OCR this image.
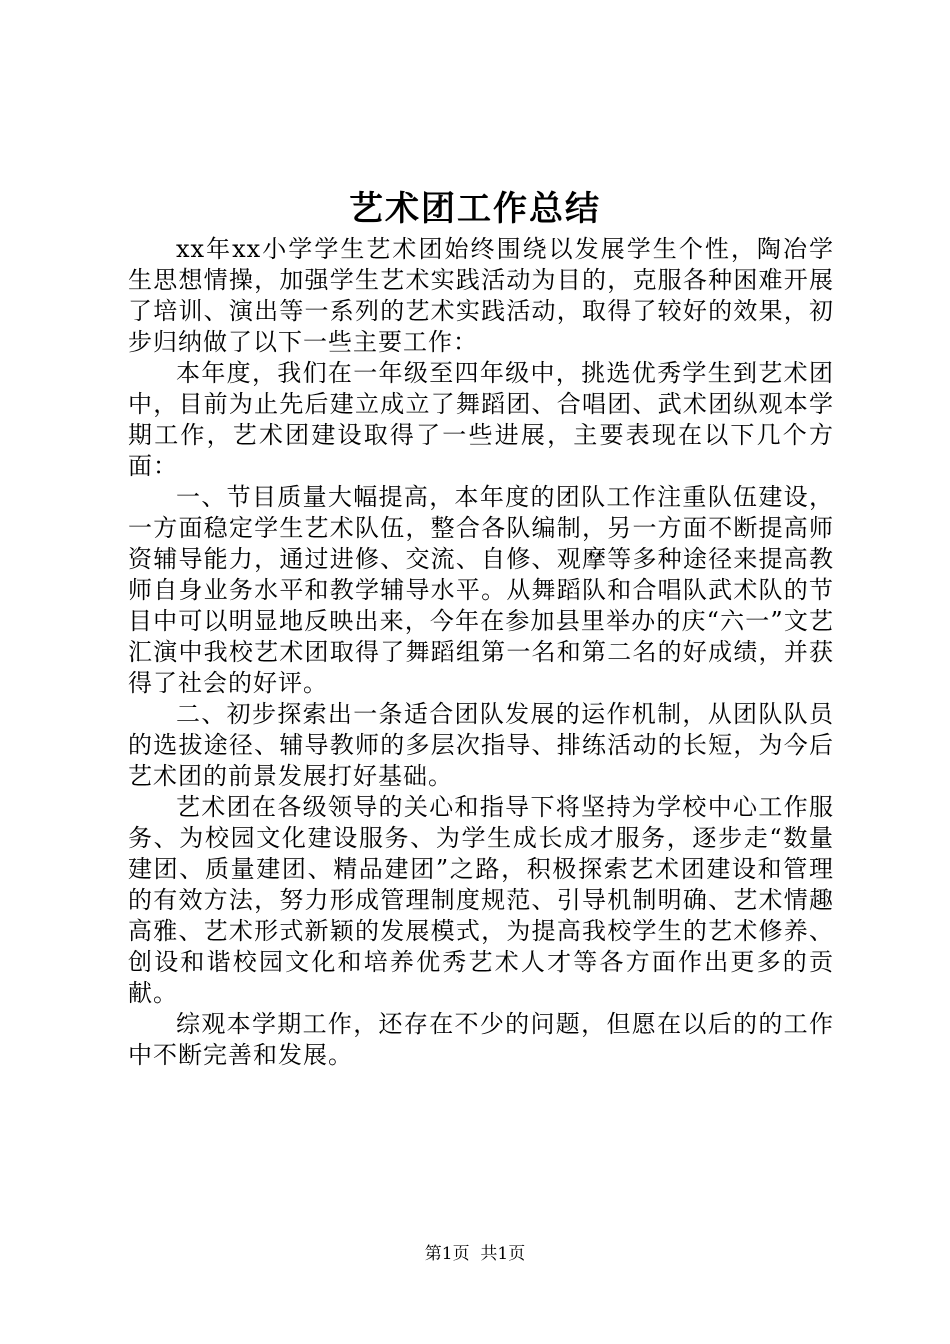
艺术团工作总结

xx年xx小学学生艺术团始终围绕以发展学生个性，陶冶学生思想情操，加强学生艺术实践活动为目的，克服各种困难开展了培训、演出等一系列的艺术实践活动，取得了较好的效果，初步归纳做了以下一些主要工作：

本年度，我们在一年级至四年级中，挑选优秀学生到艺术团中，目前为止先后建立成立了舞蹈团、合唱团、武术团纵观本学期工作，艺术团建设取得了一些进展，主要表现在以下几个方面：

一、节目质量大幅提高，本年度的团队工作注重队伍建设，一方面稳定学生艺术队伍，整合各队编制，另一方面不断提高师资辅导能力，通过进修、交流、自修、观摩等多种途径来提高教师自身业务水平和教学辅导水平。从舞蹈队和合唱队武术队的节目中可以明显地反映出来，今年在参加县里举办的庆“六一”文艺汇演中我校艺术团取得了舞蹈组第一名和第二名的好成绩，并获得了社会的好评。

二、初步探索出一条适合团队发展的运作机制，从团队队员的选拔途径、辅导教师的多层次指导、排练活动的长短，为今后艺术团的前景发展打好基础。

艺术团在各级领导的关心和指导下将坚持为学校中心工作服务、为校园文化建设服务、为学生成长成才服务，逐步走“数量建团、质量建团、精品建团”之路，积极探索艺术团建设和管理的有效方法，努力形成管理制度规范、引导机制明确、艺术情趣高雅、艺术形式新颖的发展模式，为提高我校学生的艺术修养、创设和谐校园文化和培养优秀艺术人才等各方面作出更多的贡献。

综观本学期工作，还存在不少的问题，但愿在以后的的工作中不断完善和发展。

第1页  共1页
